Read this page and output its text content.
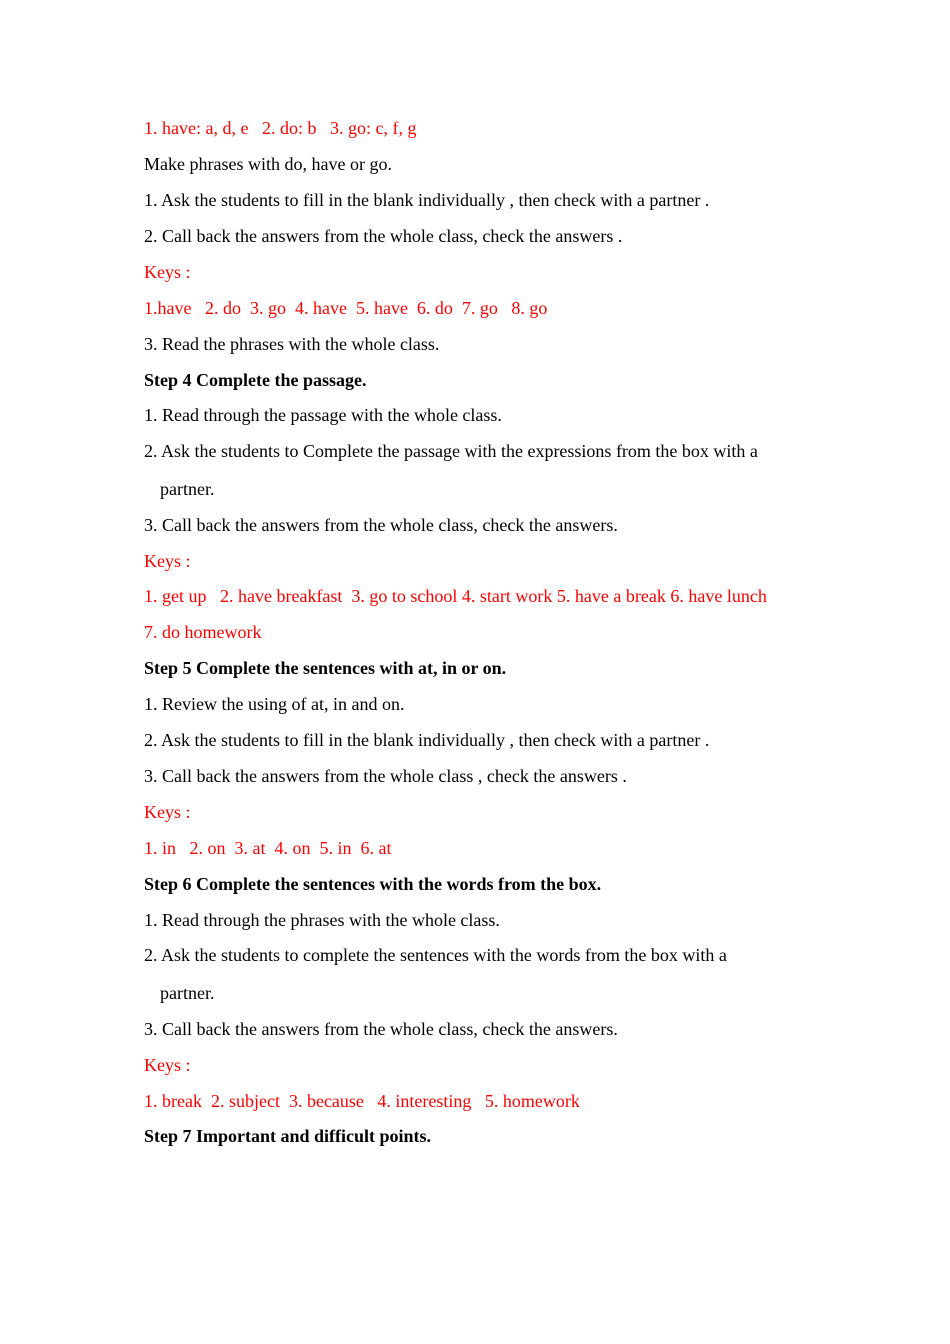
1. have: a, d, e   2. do: b   3. go: c, f, g
Make phrases with do, have or go.
1. Ask the students to fill in the blank individually , then check with a partner .
2. Call back the answers from the whole class, check the answers .
Keys :
1.have   2. do  3. go  4. have  5. have  6. do  7. go   8. go
3. Read the phrases with the whole class.
Step 4 Complete the passage.
1. Read through the passage with the whole class.
2. Ask the students to Complete the passage with the expressions from the box with a
partner.
3. Call back the answers from the whole class, check the answers.
Keys :
1. get up   2. have breakfast  3. go to school 4. start work 5. have a break 6. have lunch
7. do homework
Step 5 Complete the sentences with at, in or on.
1. Review the using of at, in and on.
2. Ask the students to fill in the blank individually , then check with a partner .
3. Call back the answers from the whole class , check the answers .
Keys :
1. in   2. on  3. at  4. on  5. in  6. at
Step 6 Complete the sentences with the words from the box.
1. Read through the phrases with the whole class.
2. Ask the students to complete the sentences with the words from the box with a
partner.
3. Call back the answers from the whole class, check the answers.
Keys :
1. break  2. subject  3. because   4. interesting   5. homework
Step 7 Important and difficult points.
